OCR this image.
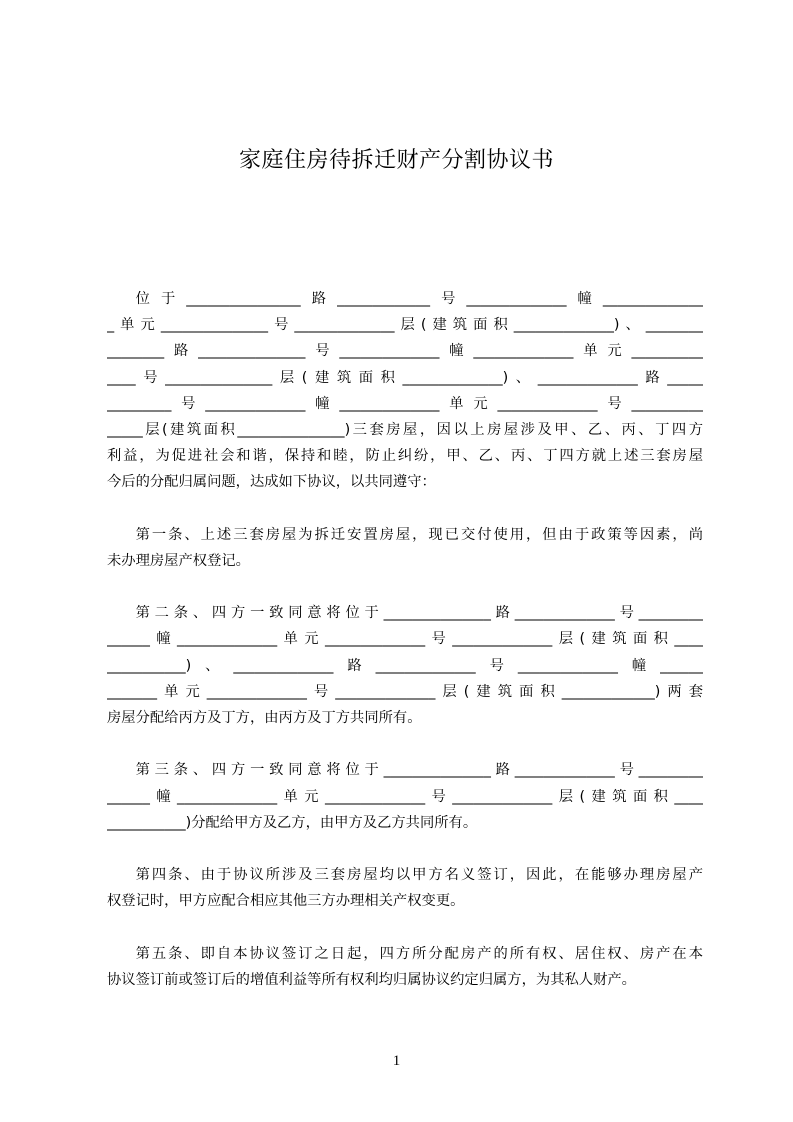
家庭住房待拆迁财产分割协议书
位于________________路_____________号______________幢______________
_单元_______________号______________层(建筑面积______________)、________
________路_______________号______________幢______________单元__________
____号_______________层(建筑面积______________)、______________路_____
_________号______________幢______________单元______________号__________
_____层(建筑面积_______________)三套房屋，因以上房屋涉及甲、乙、丙、丁四方
利益，为促进社会和谐，保持和睦，防止纠纷，甲、乙、丙、丁四方就上述三套房屋
今后的分配归属问题，达成如下协议，以共同遵守：
第一条、上述三套房屋为拆迁安置房屋，现已交付使用，但由于政策等因素，尚
未办理房屋产权登记。
第二条、四方一致同意将位于_______________路______________号_________
______幢______________单元______________号______________层(建筑面积____
___________)、______________路______________号______________幢______
_______单元______________号______________层(建筑面积_____________)两套
房屋分配给丙方及丁方，由丙方及丁方共同所有。
第三条、四方一致同意将位于_______________路______________号_________
______幢______________单元______________号______________层(建筑面积____
___________)分配给甲方及乙方，由甲方及乙方共同所有。
第四条、由于协议所涉及三套房屋均以甲方名义签订，因此，在能够办理房屋产
权登记时，甲方应配合相应其他三方办理相关产权变更。
第五条、即自本协议签订之日起，四方所分配房产的所有权、居住权、房产在本
协议签订前或签订后的增值利益等所有权利均归属协议约定归属方，为其私人财产。
1
